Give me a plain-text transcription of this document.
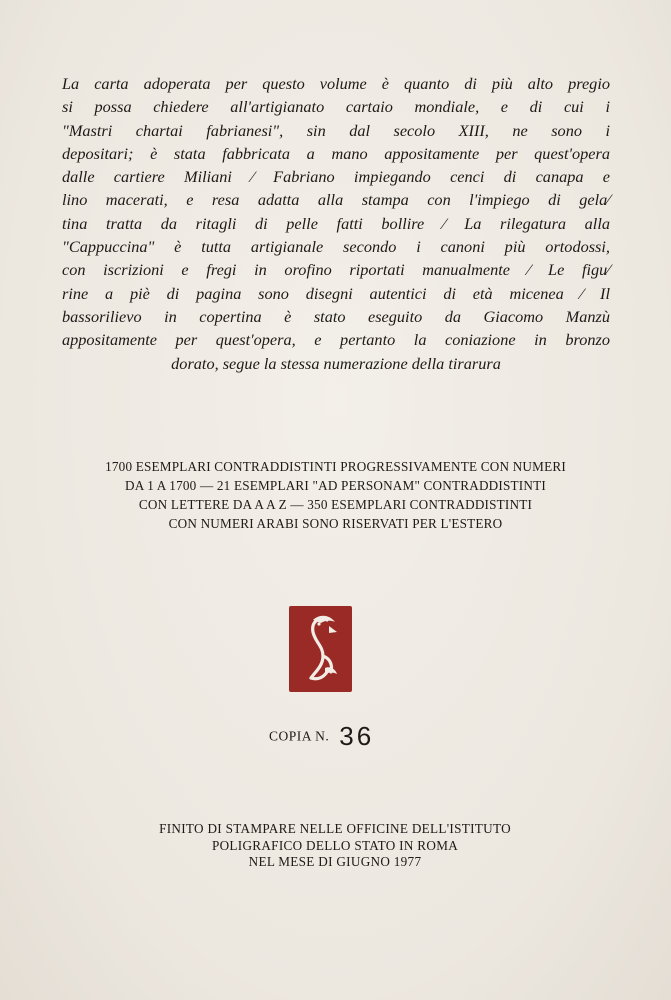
La carta adoperata per questo volume è quanto di più alto pregio
si possa chiedere all'artigianato cartaio mondiale, e di cui i
"Mastri chartai fabrianesi", sin dal secolo XIII, ne sono i
depositari; è stata fabbricata a mano appositamente per quest'opera
dalle cartiere Miliani ⁄ Fabriano impiegando cenci di canapa e
lino macerati, e resa adatta alla stampa con l'impiego di gela⁄
tina tratta da ritagli di pelle fatti bollire ⁄ La rilegatura alla
"Cappuccina" è tutta artigianale secondo i canoni più ortodossi,
con iscrizioni e fregi in orofino riportati manualmente ⁄ Le figu⁄
rine a piè di pagina sono disegni autentici di età micenea ⁄ Il
bassorilievo in copertina è stato eseguito da Giacomo Manzù
appositamente per quest'opera, e pertanto la coniazione in bronzo
dorato, segue la stessa numerazione della tirarura
1700 ESEMPLARI CONTRADDISTINTI PROGRESSIVAMENTE CON NUMERI
DA 1 A 1700 — 21 ESEMPLARI "AD PERSONAM" CONTRADDISTINTI
CON LETTERE DA A A Z — 350 ESEMPLARI CONTRADDISTINTI
CON NUMERI ARABI SONO RISERVATI PER L'ESTERO
COPIA N. 36
FINITO DI STAMPARE NELLE OFFICINE DELL'ISTITUTO
POLIGRAFICO DELLO STATO IN ROMA
NEL MESE DI GIUGNO 1977
